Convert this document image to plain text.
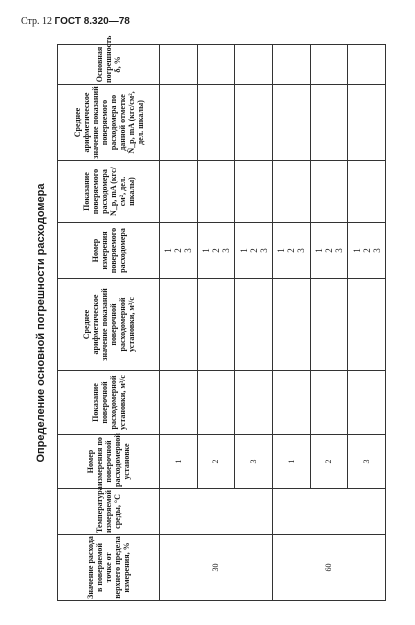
Стр. 12 ГОСТ 8.320—78
Определение основной погрешности расходомера
Значение расхода в поверяемой точке от верхнего предела измерения, %	Температура измеряемой среды, °C	Номер измерения по поверочной расходомерной установке	Показание поверочной расходомерной установки, м³/с	Среднее арифметическое значение показаний поверочной расходомерной установки, м³/с	Номер измерения поверяемого расходомера	Показание поверяемого расходомера N_p, mA (кгс/см², дел. шкалы)	Среднее арифметическое значение показаний поверяемого расходомера по данной отметке N̄_p, mA (кгс/см², дел. шкалы)	Основная погрешность δ, %
30		1			1 2 3			

		2			1 2 3			

		3			1 2 3			

60		1			1 2 3			

		2			1 2 3			

		3			1 2 3			
